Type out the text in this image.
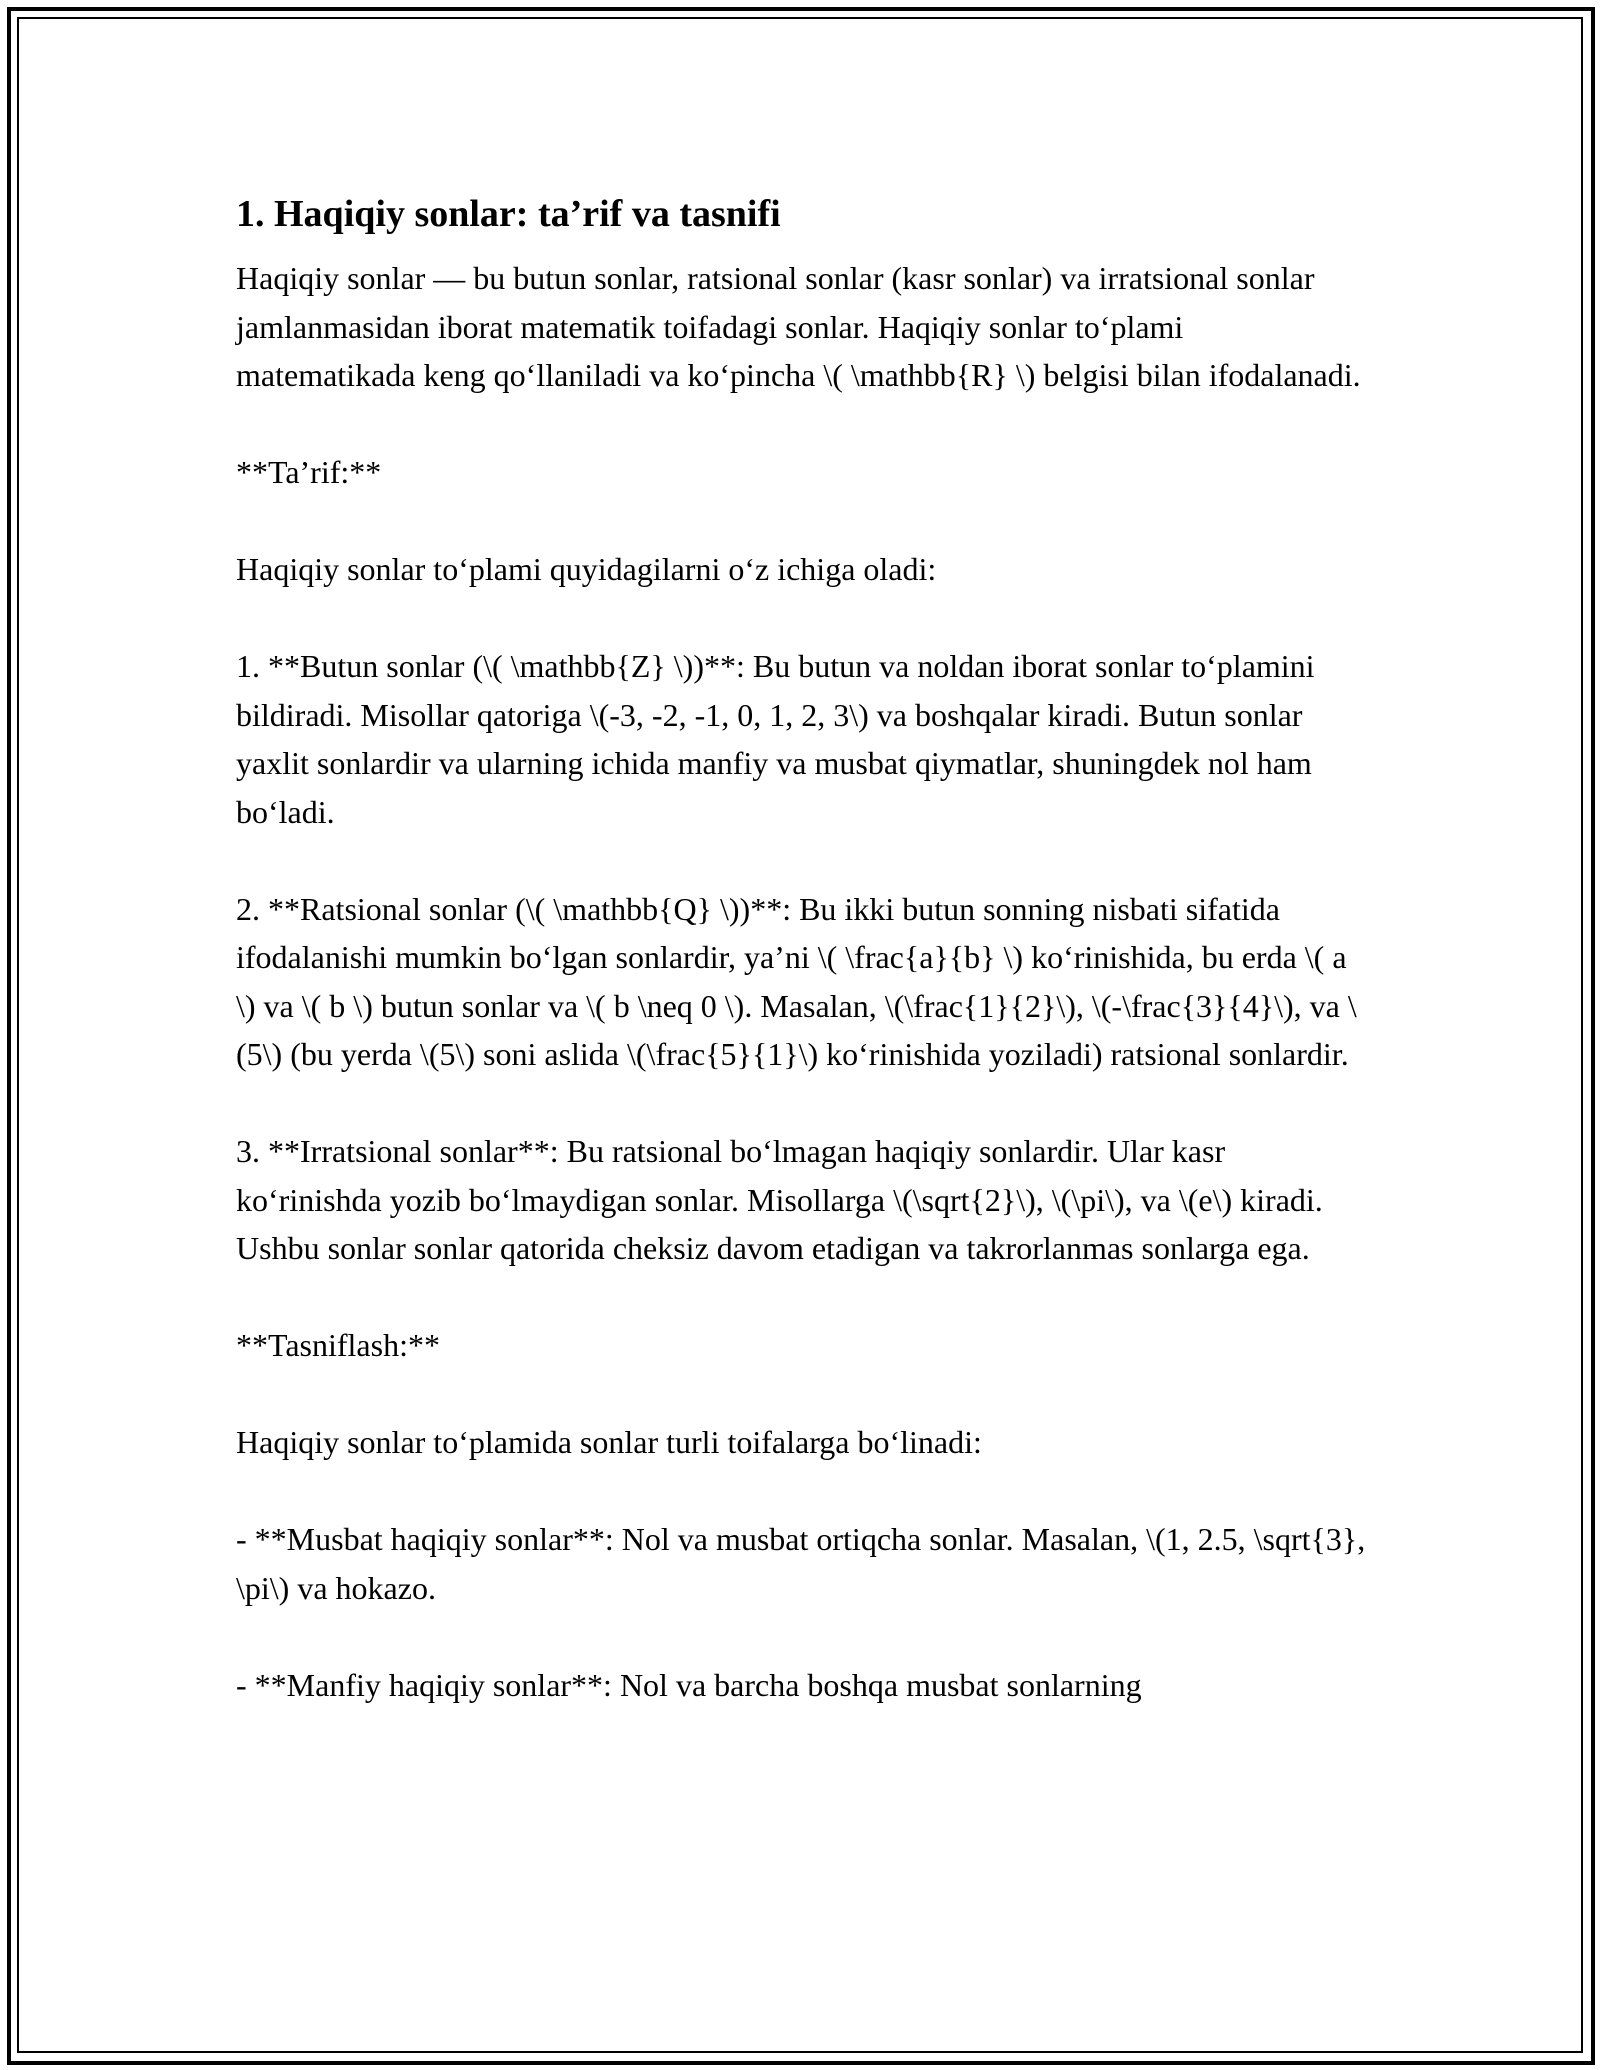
1. Haqiqiy sonlar: ta’rif va tasnifi

Haqiqiy sonlar — bu butun sonlar, ratsional sonlar (kasr sonlar) va irratsional sonlar jamlanmasidan iborat matematik toifadagi sonlar. Haqiqiy sonlar to‘plami matematikada keng qo‘llaniladi va ko‘pincha \( \mathbb{R} \) belgisi bilan ifodalanadi.

**Ta’rif:**

Haqiqiy sonlar to‘plami quyidagilarni o‘z ichiga oladi:

1. **Butun sonlar (\( \mathbb{Z} \))**: Bu butun va noldan iborat sonlar to‘plamini bildiradi. Misollar qatoriga \(-3, -2, -1, 0, 1, 2, 3\) va boshqalar kiradi. Butun sonlar yaxlit sonlardir va ularning ichida manfiy va musbat qiymatlar, shuningdek nol ham bo‘ladi.

2. **Ratsional sonlar (\( \mathbb{Q} \))**: Bu ikki butun sonning nisbati sifatida ifodalanishi mumkin bo‘lgan sonlardir, ya’ni \( \frac{a}{b} \) ko‘rinishida, bu erda \( a \) va \( b \) butun sonlar va \( b \neq 0 \). Masalan, \(\frac{1}{2}\), \(-\frac{3}{4}\), va \(5\) (bu yerda \(5\) soni aslida \(\frac{5}{1}\) ko‘rinishida yoziladi) ratsional sonlardir.

3. **Irratsional sonlar**: Bu ratsional bo‘lmagan haqiqiy sonlardir. Ular kasr ko‘rinishda yozib bo‘lmaydigan sonlar. Misollarga \(\sqrt{2}\), \(\pi\), va \(e\) kiradi. Ushbu sonlar sonlar qatorida cheksiz davom etadigan va takrorlanmas sonlarga ega.

**Tasniflash:**

Haqiqiy sonlar to‘plamida sonlar turli toifalarga bo‘linadi:

- **Musbat haqiqiy sonlar**: Nol va musbat ortiqcha sonlar. Masalan, \(1, 2.5, \sqrt{3}, \pi\) va hokazo.

- **Manfiy haqiqiy sonlar**: Nol va barcha boshqa musbat sonlarning
